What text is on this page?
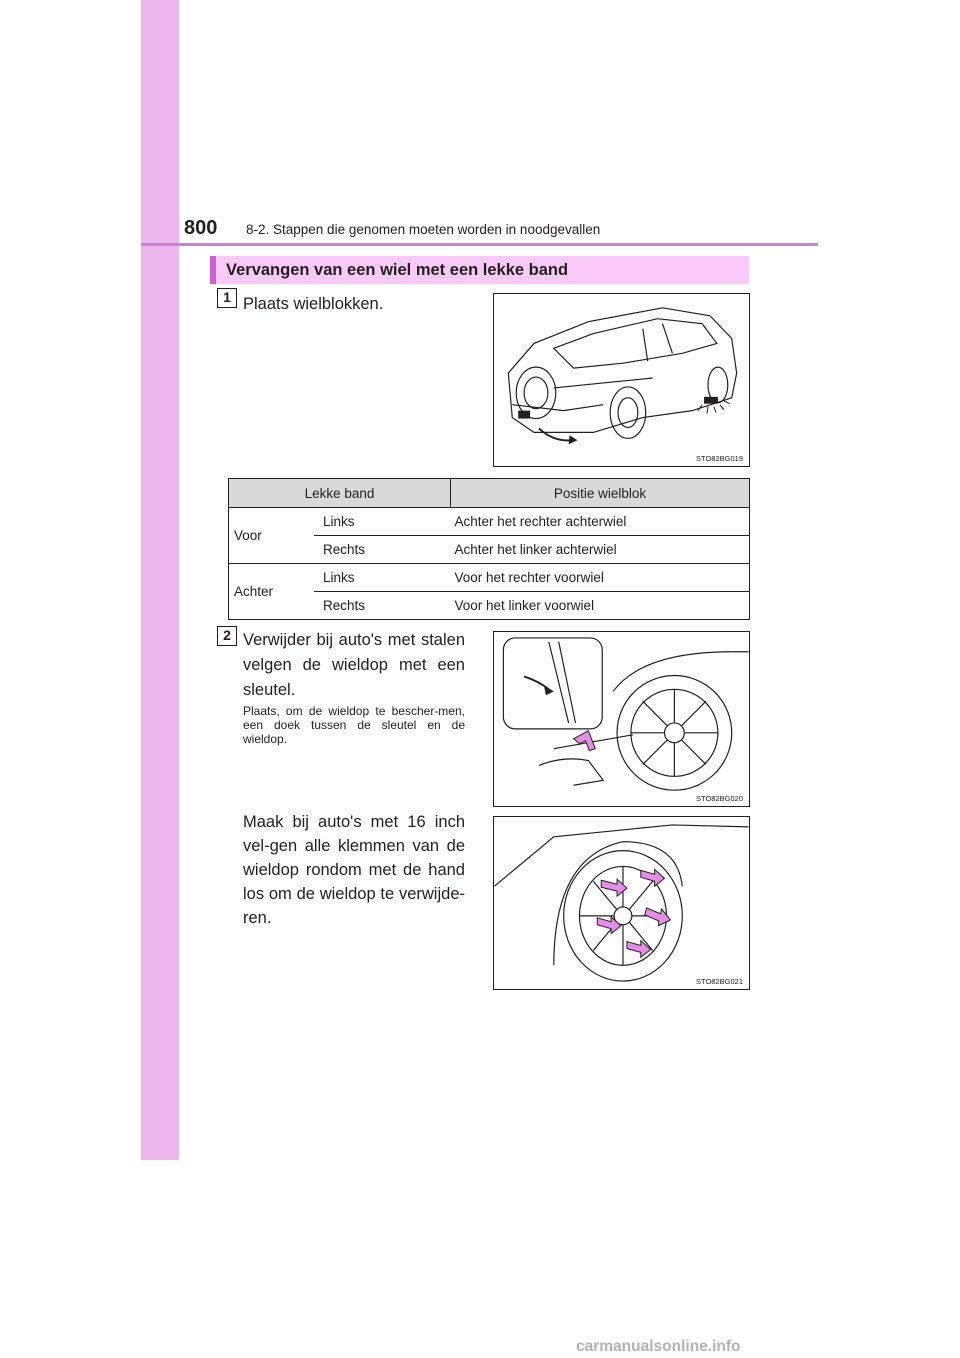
800 8-2. Stappen die genomen moeten worden in noodgevallen
Vervangen van een wiel met een lekke band
1 Plaats wielblokken.
STO82BG019
Lekke band		Positie wielblok
Voor	Links	Achter het rechter achterwiel
	Rechts	Achter het linker achterwiel
Achter	Links	Voor het rechter voorwiel
	Rechts	Voor het linker voorwiel
2 Verwijder bij auto's met stalen velgen de wieldop met een sleutel.
Plaats, om de wieldop te bescher-men, een doek tussen de sleutel en de wieldop.
Maak bij auto's met 16 inch vel-gen alle klemmen van de wieldop rondom met de hand los om de wieldop te verwijde-ren.
STO82BG020
STO82BG021
carmanualsonline.info
